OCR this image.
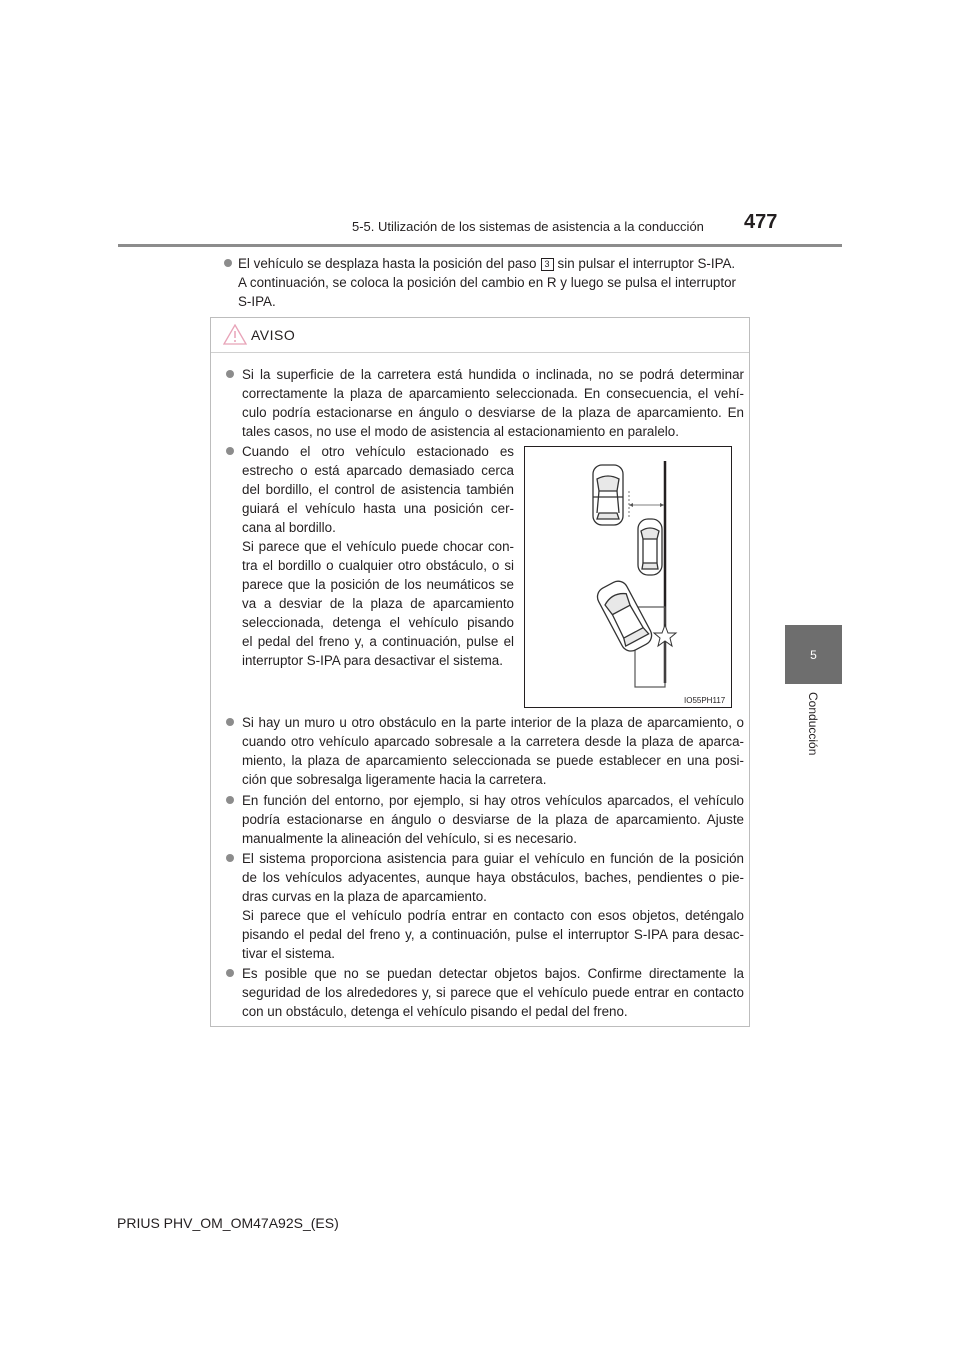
5-5. Utilización de los sistemas de asistencia a la conducción 477
5
Conducción
El vehículo se desplaza hasta la posición del paso 3 sin pulsar el interruptor S-IPA.
A continuación, se coloca la posición del cambio en R y luego se pulsa el interruptor
S-IPA.
AVISO
Si la superficie de la carretera está hundida o inclinada, no se podrá determinar
correctamente la plaza de aparcamiento seleccionada. En consecuencia, el vehí-
culo podría estacionarse en ángulo o desviarse de la plaza de aparcamiento. En
tales casos, no use el modo de asistencia al estacionamiento en paralelo.
Cuando el otro vehículo estacionado es
estrecho o está aparcado demasiado cerca
del bordillo, el control de asistencia también
guiará el vehículo hasta una posición cer-
cana al bordillo.
Si parece que el vehículo puede chocar con-
tra el bordillo o cualquier otro obstáculo, o si
parece que la posición de los neumáticos se
va a desviar de la plaza de aparcamiento
seleccionada, detenga el vehículo pisando
el pedal del freno y, a continuación, pulse el
interruptor S-IPA para desactivar el sistema.
IO55PH117
Si hay un muro u otro obstáculo en la parte interior de la plaza de aparcamiento, o
cuando otro vehículo aparcado sobresale a la carretera desde la plaza de aparca-
miento, la plaza de aparcamiento seleccionada se puede establecer en una posi-
ción que sobresalga ligeramente hacia la carretera.
En función del entorno, por ejemplo, si hay otros vehículos aparcados, el vehículo
podría estacionarse en ángulo o desviarse de la plaza de aparcamiento. Ajuste
manualmente la alineación del vehículo, si es necesario.
El sistema proporciona asistencia para guiar el vehículo en función de la posición
de los vehículos adyacentes, aunque haya obstáculos, baches, pendientes o pie-
dras curvas en la plaza de aparcamiento.
Si parece que el vehículo podría entrar en contacto con esos objetos, deténgalo
pisando el pedal del freno y, a continuación, pulse el interruptor S-IPA para desac-
tivar el sistema.
Es posible que no se puedan detectar objetos bajos. Confirme directamente la
seguridad de los alrededores y, si parece que el vehículo puede entrar en contacto
con un obstáculo, detenga el vehículo pisando el pedal del freno.
PRIUS PHV_OM_OM47A92S_(ES)
